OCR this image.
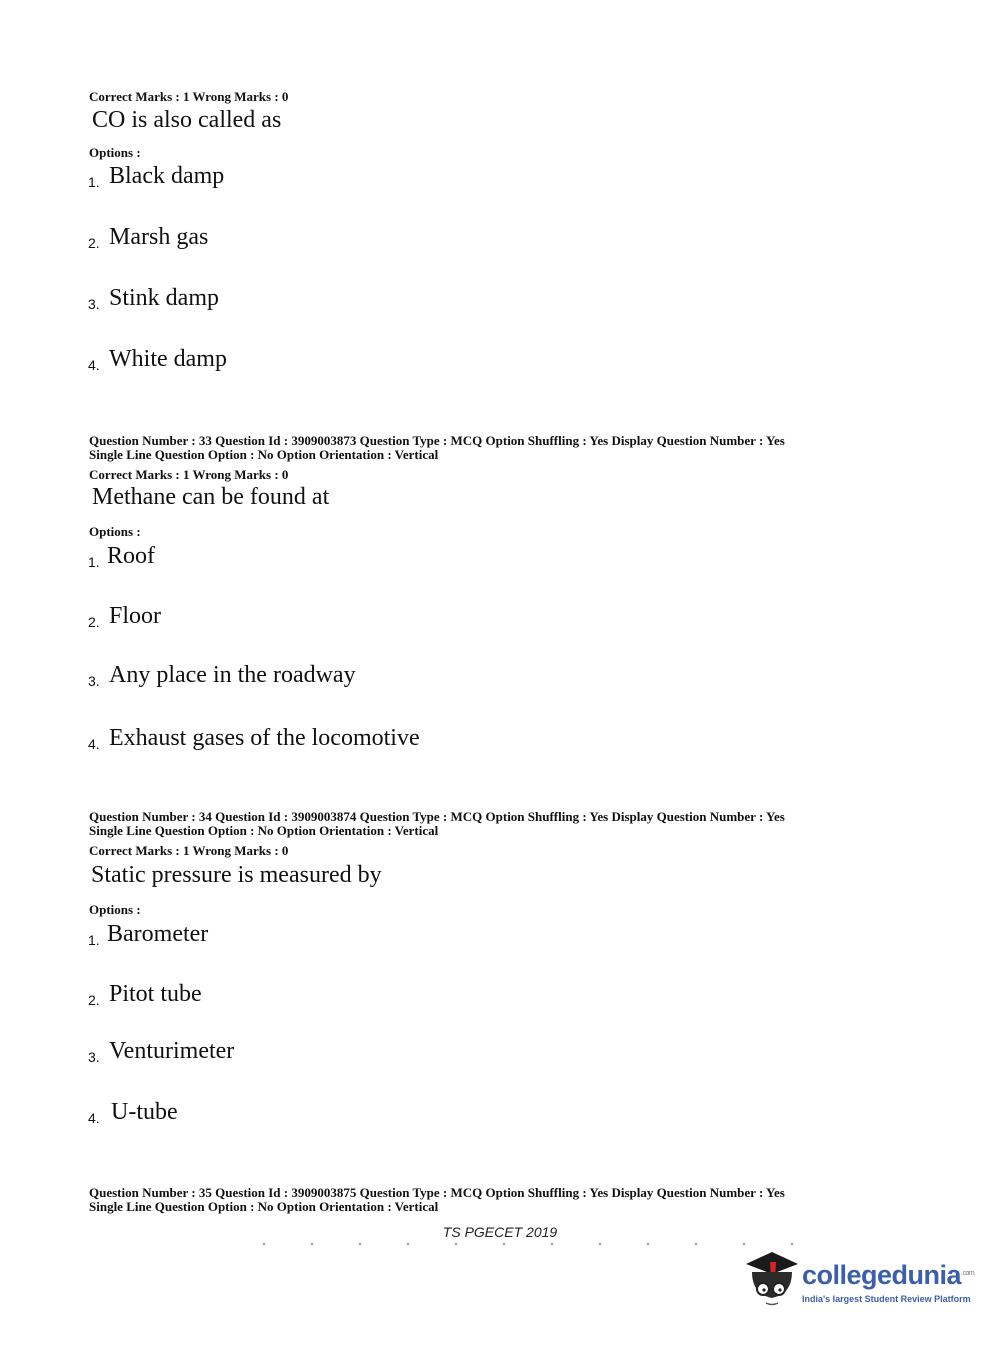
Correct Marks : 1 Wrong Marks : 0
CO is also called as
Options :
1. Black damp
2. Marsh gas
3. Stink damp
4. White damp
Question Number : 33 Question Id : 3909003873 Question Type : MCQ Option Shuffling : Yes Display Question Number : Yes
Single Line Question Option : No Option Orientation : Vertical
Correct Marks : 1 Wrong Marks : 0
Methane can be found at
Options :
1. Roof
2. Floor
3. Any place in the roadway
4. Exhaust gases of the locomotive
Question Number : 34 Question Id : 3909003874 Question Type : MCQ Option Shuffling : Yes Display Question Number : Yes
Single Line Question Option : No Option Orientation : Vertical
Correct Marks : 1 Wrong Marks : 0
Static pressure is measured by
Options :
1. Barometer
2. Pitot tube
3. Venturimeter
4. U-tube
Question Number : 35 Question Id : 3909003875 Question Type : MCQ Option Shuffling : Yes Display Question Number : Yes
Single Line Question Option : No Option Orientation : Vertical
TS PGECET 2019
collegedunia$^{.com}$
India's largest Student Review Platform
